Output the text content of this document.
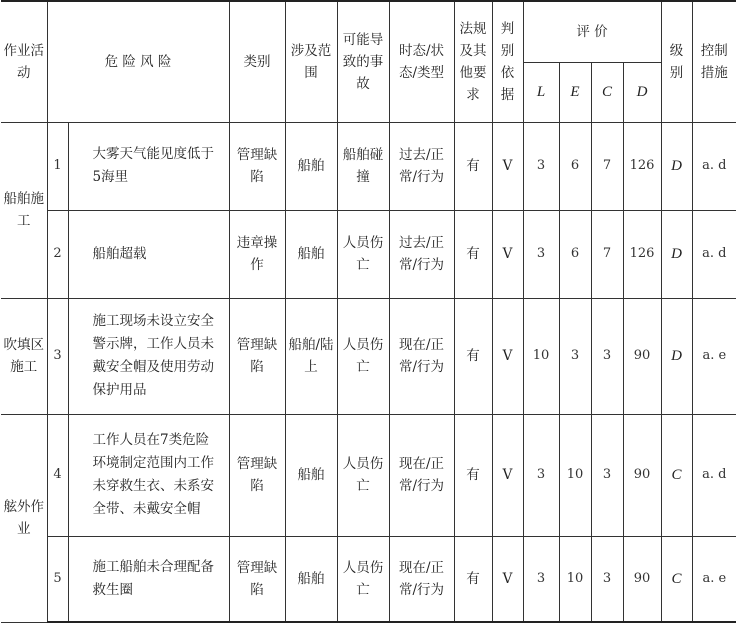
作业活动	危 险 风 险		类别	涉及范围	可能导致的事故	时态/状态/类型	法规及其他要求	判别依据	评 价				级别	控制措施
									L	E	C	D		
船舶施工	1	大雾天气能见度低于5海里	管理缺陷	船舶	船舶碰撞	过去/正常/行为	有	V	3	6	7	126	D	a. d
	2	船舶超载	违章操作	船舶	人员伤亡	过去/正常/行为	有	V	3	6	7	126	D	a. d
吹填区施工	3	施工现场未设立安全警示牌，工作人员未戴安全帽及使用劳动保护用品	管理缺陷	船舶/陆上	人员伤亡	现在/正常/行为	有	V	10	3	3	90	D	a. e
舷外作业	4	工作人员在7类危险环境制定范围内工作未穿救生衣、未系安全带、未戴安全帽	管理缺陷	船舶	人员伤亡	现在/正常/行为	有	V	3	10	3	90	C	a. d
	5	施工船舶未合理配备救生圈	管理缺陷	船舶	人员伤亡	现在/正常/行为	有	V	3	10	3	90	C	a. e
